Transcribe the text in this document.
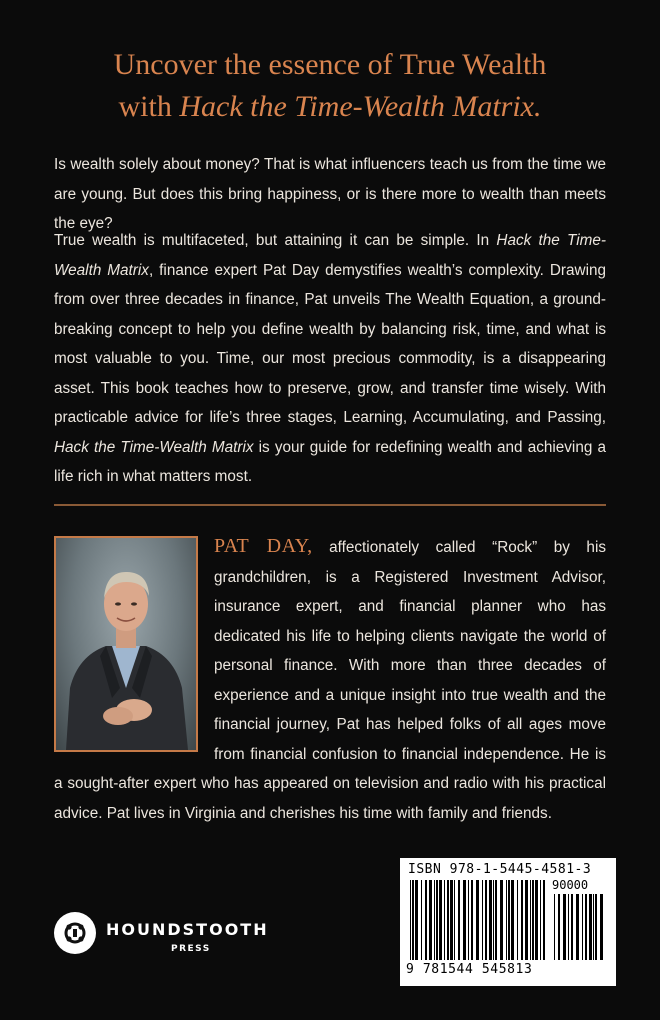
Uncover the essence of True Wealth
with Hack the Time-Wealth Matrix.

Is wealth solely about money? That is what influencers teach us from the time we are young. But does this bring happiness, or is there more to wealth than meets the eye?

True wealth is multifaceted, but attaining it can be simple. In Hack the Time-Wealth Matrix, finance expert Pat Day demystifies wealth’s complexity. Drawing from over three decades in finance, Pat unveils The Wealth Equation, a ground-breaking concept to help you define wealth by balancing risk, time, and what is most valuable to you. Time, our most precious commodity, is a disappearing asset. This book teaches how to preserve, grow, and transfer time wisely. With practicable advice for life’s three stages, Learning, Accumulating, and Passing, Hack the Time-Wealth Matrix is your guide for redefining wealth and achieving a life rich in what matters most.

PAT DAY, affectionately called “Rock” by his grandchildren, is a Registered Investment Advisor, insurance expert, and financial planner who has dedicated his life to helping clients navigate the world of personal finance. With more than three decades of experience and a unique insight into true wealth and the financial journey, Pat has helped folks of all ages move from financial confusion to financial independence. He is a sought-after expert who has appeared on television and radio with his practical advice. Pat lives in Virginia and cherishes his time with family and friends.

HOUNDSTOOTH
PRESS
ISBN 978-1-5445-4581-3
90000
9 781544 545813
